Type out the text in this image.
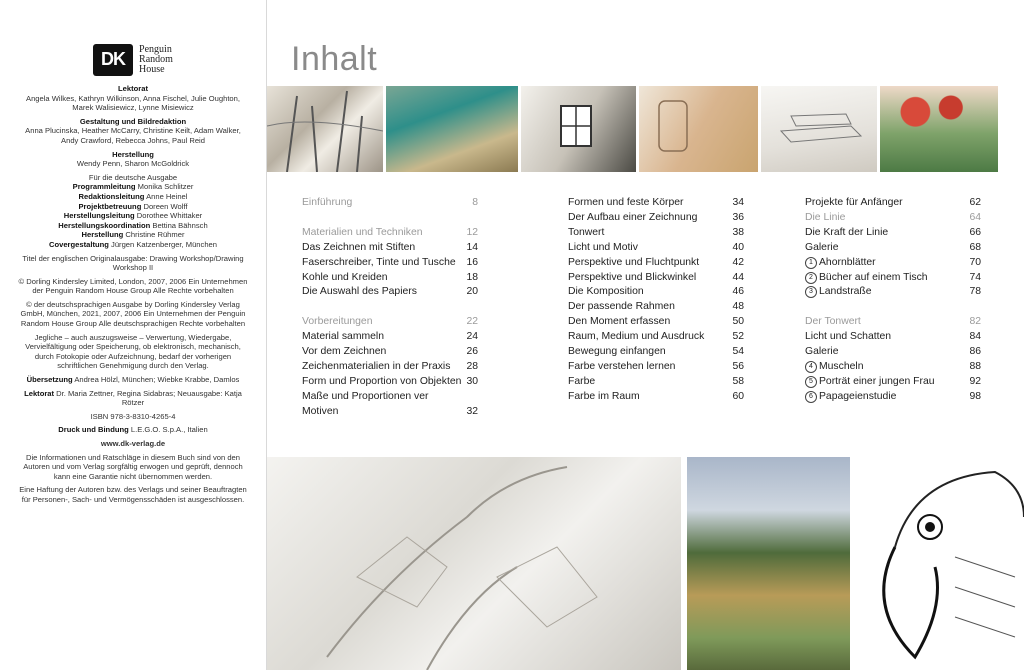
DK	Penguin
Random
House

Lektorat
Angela Wilkes, Kathryn Wilkinson, Anna Fischel, Julie Oughton, Marek Walisiewicz, Lynne Misiewicz

Gestaltung und Bildredaktion
Anna Plucinska, Heather McCarry, Christine Keilt, Adam Walker, Andy Crawford, Rebecca Johns, Paul Reid

Herstellung
Wendy Penn, Sharon McGoldrick

Für die deutsche Ausgabe
Programmleitung Monika Schlitzer
Redaktionsleitung Anne Heinel
Projektbetreuung Doreen Wolff
Herstellungsleitung Dorothee Whittaker
Herstellungskoordination Bettina Bähnsch
Herstellung Christine Rühmer
Covergestaltung Jürgen Katzenberger, München

Titel der englischen Originalausgabe: Drawing Workshop/Drawing Workshop II

© Dorling Kindersley Limited, London, 2007, 2006 Ein Unternehmen der Penguin Random House Group Alle Rechte vorbehalten

© der deutschsprachigen Ausgabe by Dorling Kindersley Verlag GmbH, München, 2021, 2007, 2006 Ein Unternehmen der Penguin Random House Group Alle deutschsprachigen Rechte vorbehalten

Jegliche – auch auszugsweise – Verwertung, Wiedergabe, Vervielfältigung oder Speicherung, ob elektronisch, mechanisch, durch Fotokopie oder Aufzeichnung, bedarf der vorherigen schriftlichen Genehmigung durch den Verlag.

Übersetzung Andrea Hölzl, München; Wiebke Krabbe, Damlos

Lektorat Dr. Maria Zettner, Regina Sidabras; Neuausgabe: Katja Rötzer

ISBN 978-3-8310-4265-4

Druck und Bindung L.E.G.O. S.p.A., Italien

www.dk-verlag.de

Die Informationen und Ratschläge in diesem Buch sind von den Autoren und vom Verlag sorgfältig erwogen und geprüft, dennoch kann eine Garantie nicht übernommen werden.

Eine Haftung der Autoren bzw. des Verlags und seiner Beauftragten für Personen-, Sach- und Vermögensschäden ist ausgeschlossen.

Inhalt
Einführung	8
Materialien und Techniken	12
Das Zeichnen mit Stiften	14
Faserschreiber, Tinte und Tusche 16
Kohle und Kreiden	18
Die Auswahl des Papiers	20
Vorbereitungen	22
Material sammeln	24
Vor dem Zeichnen	26
Zeichenmaterialien in der Praxis 28
Form und Proportion von Objekten 30
Maße und Proportionen ver
Motiven	32
Formen und feste Körper	34
Der Aufbau einer Zeichnung	36
Tonwert	38
Licht und Motiv	40
Perspektive und Fluchtpunkt	42
Perspektive und Blickwinkel	44
Die Komposition	46
Der passende Rahmen	48
Den Moment erfassen	50
Raum, Medium und Ausdruck	52
Bewegung einfangen	54
Farbe verstehen lernen	56
Farbe	58
Farbe im Raum	60
Projekte für Anfänger	62
Die Linie	64
Die Kraft der Linie	66
Galerie	68
1 Ahornblätter	70
2 Bücher auf einem Tisch	74
3 Landstraße	78
Der Tonwert	82
Licht und Schatten	84
Galerie	86
4 Muscheln	88
5 Porträt einer jungen Frau	92
6 Papageienstudie	98
